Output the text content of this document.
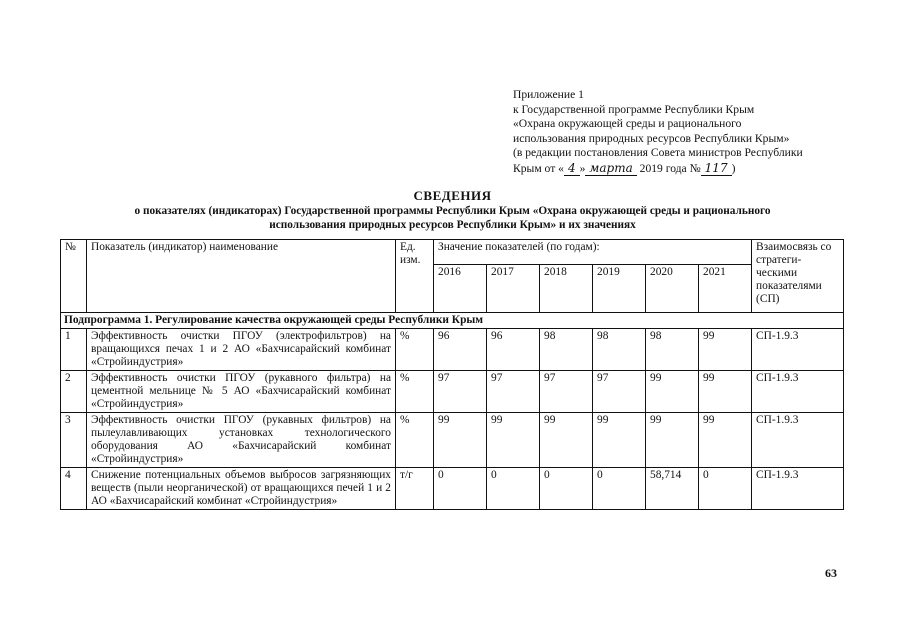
Приложение 1
к Государственной программе Республики Крым
«Охрана окружающей среды и рационального
использования природных ресурсов Республики Крым»
(в редакции постановления Совета министров Республики
Крым от « 4 » марта 2019 года № 117 )
СВЕДЕНИЯ
о показателях (индикаторах) Государственной программы Республики Крым «Охрана окружающей среды и рационального
использования природных ресурсов Республики Крым» и их значениях
№	Показатель (индикатор) наименование	Ед. изм.	Значение показателей (по годам):						Взаимосвязь со стратеги-ческими показателями (СП)
			2016	2017	2018	2019	2020	2021	
Подпрограмма 1. Регулирование качества окружающей среды Республики Крым									
1	Эффективность очистки ПГОУ (электрофильтров) на вращающихся печах 1 и 2 АО «Бахчисарайский комбинат «Стройиндустрия»	%	96	96	98	98	98	99	СП-1.9.3
2	Эффективность очистки ПГОУ (рукавного фильтра) на цементной мельнице № 5 АО «Бахчисарайский комбинат «Стройиндустрия»	%	97	97	97	97	99	99	СП-1.9.3
3	Эффективность очистки ПГОУ (рукавных фильтров) на пылеулавливающих установках технологического оборудования АО «Бахчисарайский комбинат «Стройиндустрия»	%	99	99	99	99	99	99	СП-1.9.3
4	Снижение потенциальных объемов выбросов загрязняющих веществ (пыли неорганической) от вращающихся печей 1 и 2 АО «Бахчисарайский комбинат «Стройиндустрия»	т/г	0	0	0	0	58,714	0	СП-1.9.3
63
